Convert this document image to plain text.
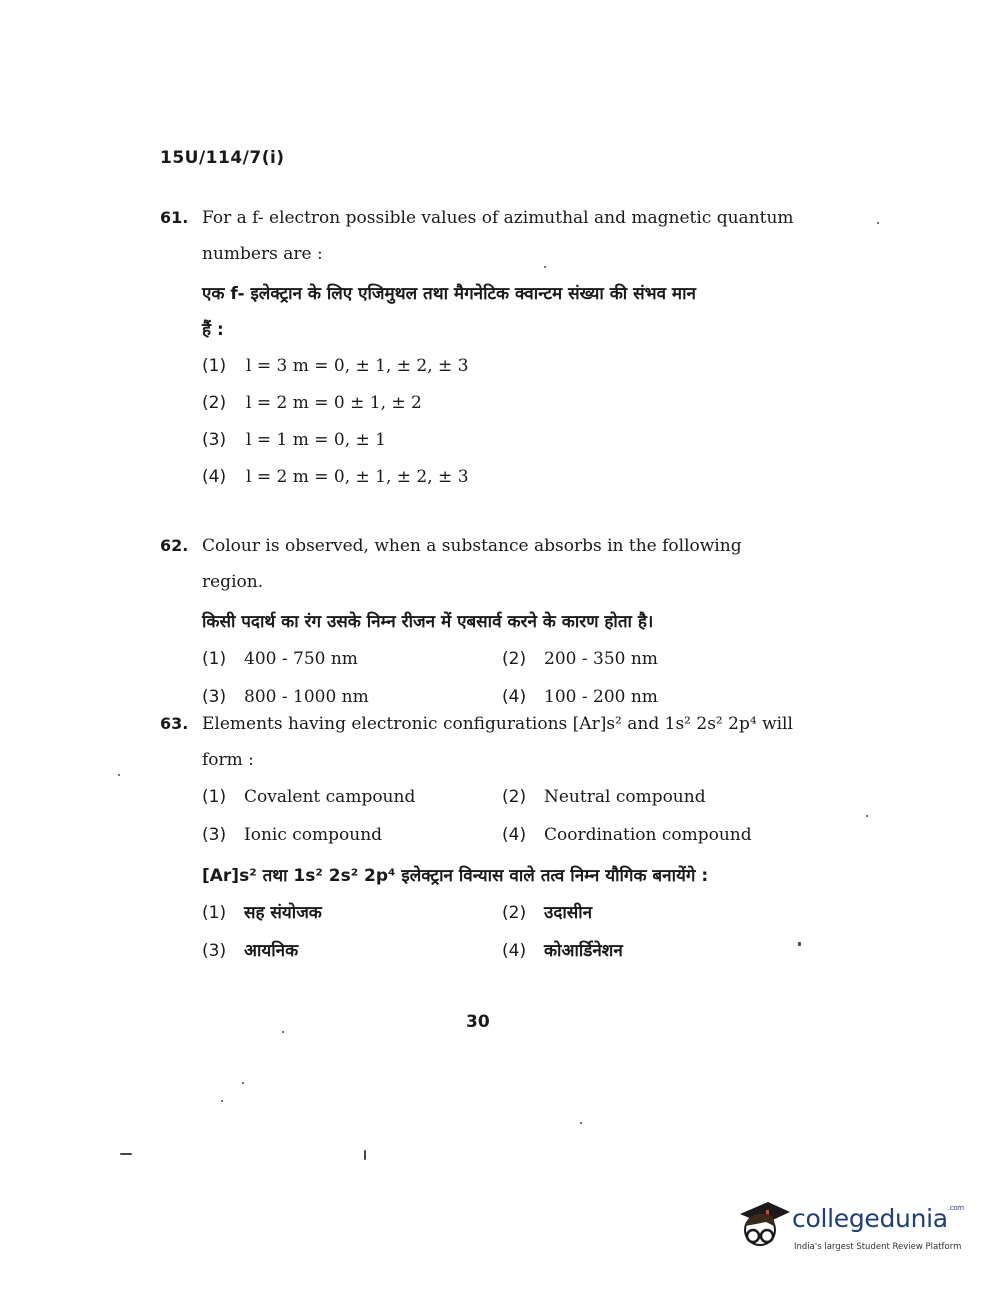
15U/114/7(i)
61. For a f- electron possible values of azimuthal and magnetic quantum
numbers are :
एक f- इलेक्ट्रान के लिए एजिमुथल तथा मैगनेटिक क्वान्टम संख्या की संभव मान
हैं :
(1)	l = 3 m = 0, ± 1, ± 2, ± 3
(2)	l = 2 m = 0 ± 1, ± 2
(3)	l = 1 m = 0, ± 1
(4)	l = 2 m = 0, ± 1, ± 2, ± 3
62. Colour is observed, when a substance absorbs in the following region.
किसी पदार्थ का रंग उसके निम्न रीजन में एबसार्व करने के कारण होता है।
(1)	400 - 750 nm	(2)	200 - 350 nm
(3)	800 - 1000 nm	(4)	100 - 200 nm
63. Elements having electronic configurations [Ar]s² and 1s² 2s² 2p⁴ will
form :
(1)	Covalent campound	(2)	Neutral compound
(3)	Ionic compound	(4)	Coordination compound
[Ar]s² तथा 1s² 2s² 2p⁴ इलेक्ट्रान विन्यास वाले तत्व निम्न यौगिक बनायेंगे :
(1)	सह संयोजक	(2)	उदासीन
(3)	आयनिक	(4)	कोआर्डिनेशन
30
collegedunia$^{.com}$
India's largest Student Review Platform
